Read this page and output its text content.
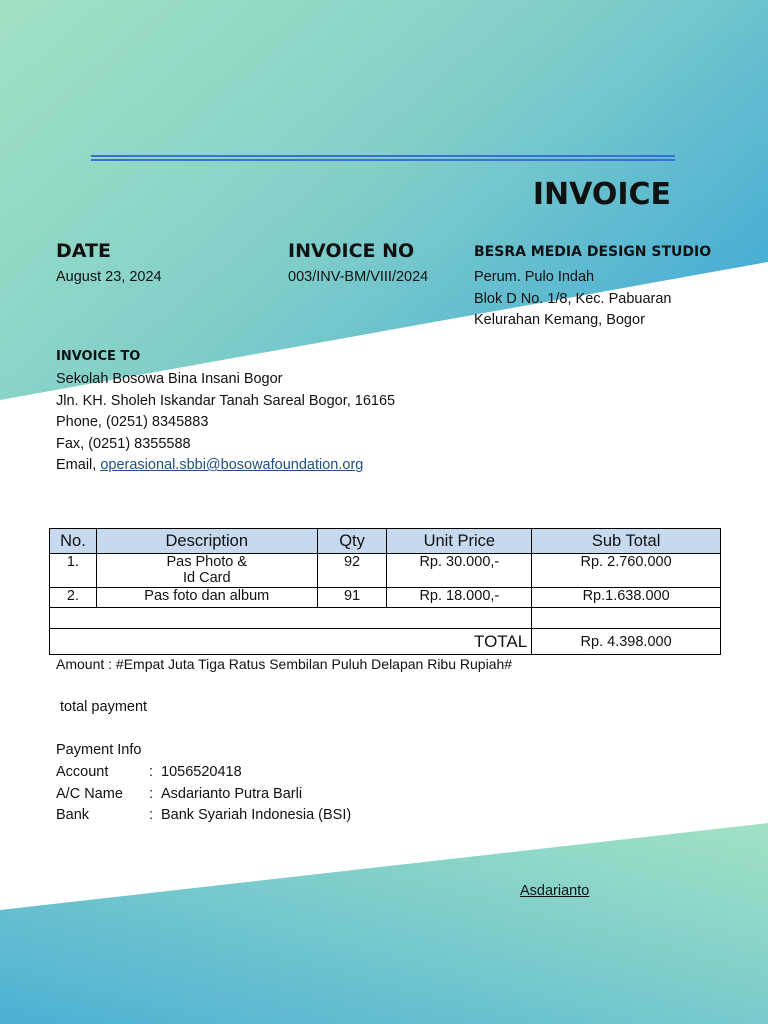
INVOICE
DATE
August 23, 2024
INVOICE NO
003/INV-BM/VIII/2024
BESRA MEDIA DESIGN STUDIO
Perum. Pulo Indah
Blok D No. 1/8, Kec. Pabuaran
Kelurahan Kemang, Bogor
INVOICE TO
Sekolah Bosowa Bina Insani Bogor
Jln. KH. Sholeh Iskandar Tanah Sareal Bogor, 16165
Phone, (0251) 8345883
Fax, (0251) 8355588
Email, operasional.sbbi@bosowafoundation.org
No.	Description	Qty	Unit Price	Sub Total
1.	Pas Photo &
Id Card	92	Rp. 30.000,-	Rp. 2.760.000
2.	Pas foto dan album	91	Rp. 18.000,-	Rp.1.638.000

TOTAL				Rp. 4.398.000
Amount : #Empat Juta Tiga Ratus Sembilan Puluh Delapan Ribu Rupiah#
total payment
Payment Info
Account	: 1056520418
A/C Name : Asdarianto Putra Barli
Bank	: Bank Syariah Indonesia (BSI)
Asdarianto
